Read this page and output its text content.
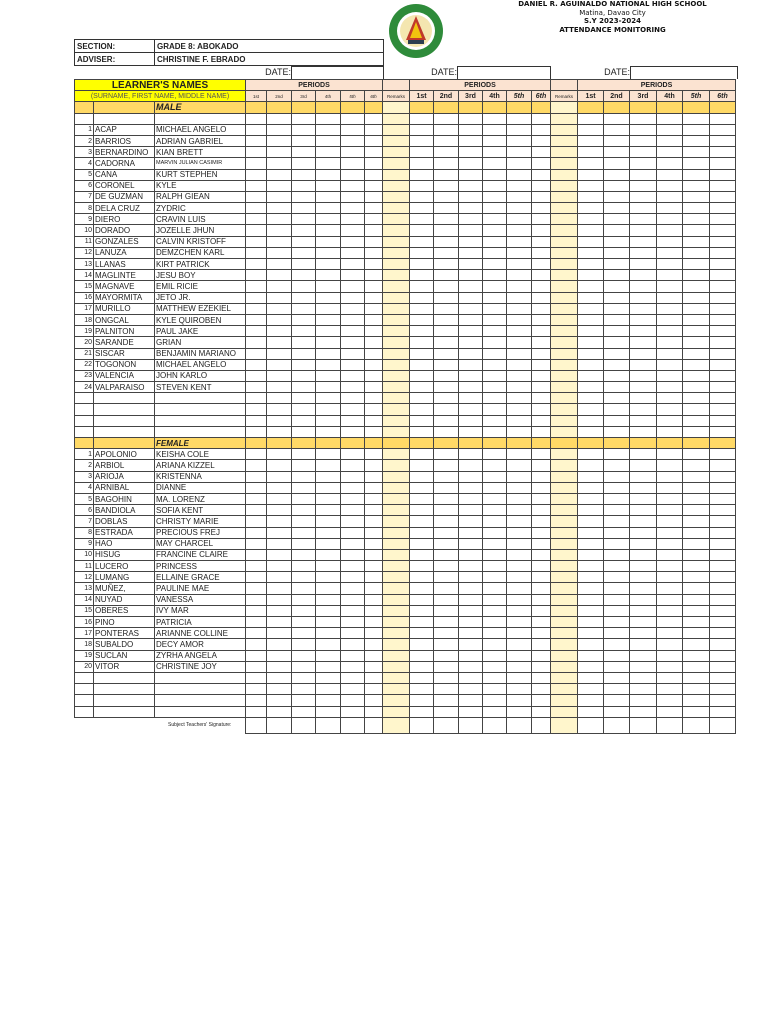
DANIEL R. AGUINALDO NATIONAL HIGH SCHOOL
Matina, Davao City
S.Y 2023-2024
ATTENDANCE MONITORING
SECTION:	GRADE 8: ABOKADO
ADVISER:	CHRISTINE F. EBRADO
DATE:	DATE:	DATE:
LEARNER'S NAMES			PERIODS							PERIODS							PERIODS					
(SURNAME, FIRST NAME, MIDDLE NAME)			1st	2nd	3rd	4th	5th	6th	Remarks	1st	2nd	3rd	4th	5th	6th	Remarks	1st	2nd	3rd	4th	5th	6th
		MALE																				

1	ACAP	MICHAEL ANGELO																				
2	BARRIOS	ADRIAN GABRIEL																				
3	BERNARDINO	KIAN BRETT																				
4	CADORNA	MARVIN JULIAN CASIMIR																				
5	CANA	KURT STEPHEN																				
6	CORONEL	KYLE																				
7	DE GUZMAN	RALPH GIEAN																				
8	DELA CRUZ	ZYDRIC																				
9	DIERO	CRAVIN LUIS																				
10	DORADO	JOZELLE JHUN																				
11	GONZALES	CALVIN KRISTOFF																				
12	LANUZA	DEMZCHEN KARL																				
13	LLANAS	KIRT PATRICK																				
14	MAGLINTE	JESU BOY																				
15	MAGNAVE	EMIL RICIE																				
16	MAYORMITA	JETO JR.																				
17	MURILLO	MATTHEW EZEKIEL																				
18	ONGCAL	KYLE QUIROBEN																				
19	PALNITON	PAUL JAKE																				
20	SARANDE	GRIAN																				
21	SISCAR	BENJAMIN MARIANO																				
22	TOGONON	MICHAEL ANGELO																				
23	VALENCIA	JOHN KARLO																				
24	VALPARAISO	STEVEN KENT																				

		FEMALE																				
1	APOLONIO	KEISHA COLE																				
2	ARBIOL	ARIANA KIZZEL																				
3	ARIOJA	KRISTENNA																				
4	ARNIBAL	DIANNE																				
5	BAGOHIN	MA. LORENZ																				
6	BANDIOLA	SOFIA KENT																				
7	DOBLAS	CHRISTY MARIE																				
8	ESTRADA	PRECIOUS FREJ																				
9	HAO	MAY CHARCEL																				
10	HISUG	FRANCINE CLAIRE																				
11	LUCERO	PRINCESS																				
12	LUMANG	ELLAINE GRACE																				
13	MUÑEZ,	PAULINE MAE																				
14	NUYAD	VANESSA																				
15	OBERES	IVY MAR																				
16	PINO	PATRICIA																				
17	PONTERAS	ARIANNE COLLINE																				
18	SUBALDO	DECY AMOR																				
19	SUCLAN	ZYRHA ANGELA																				
20	VITOR	CHRISTINE JOY																				

		Subject Teachers' Signature:																				
